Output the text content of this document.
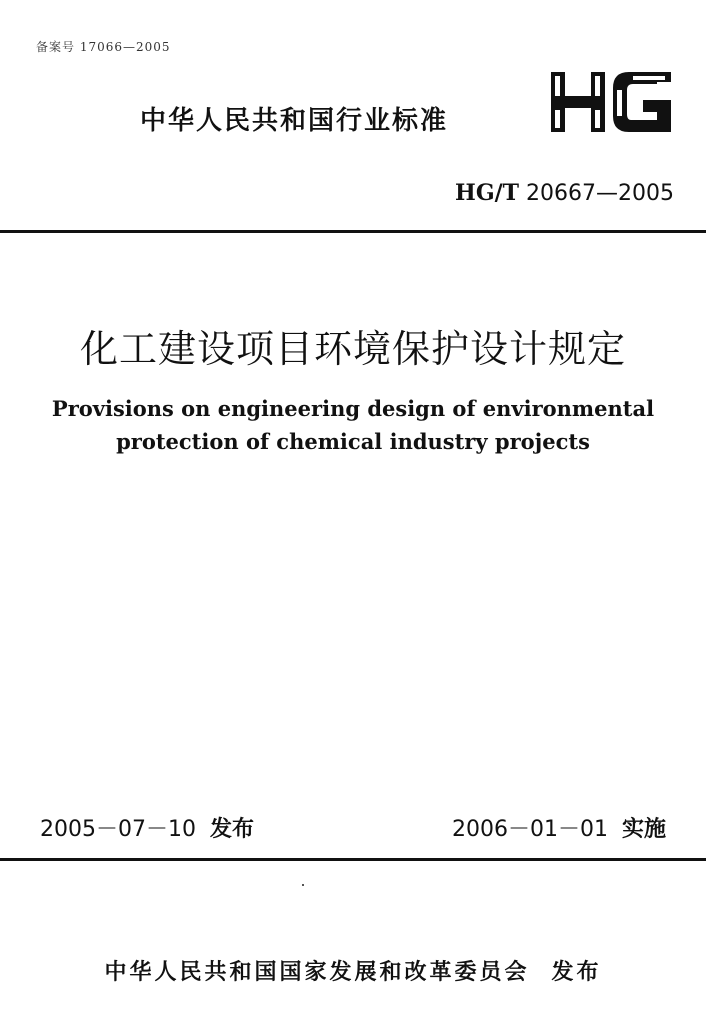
备案号 17066—2005
中华人民共和国行业标准
HG/T 20667—2005
化工建设项目环境保护设计规定
Provisions on engineering design of environmental
protection of chemical industry projects
2005－07－10 发布	2006－01－01 实施
中华人民共和国国家发展和改革委员会 发布
